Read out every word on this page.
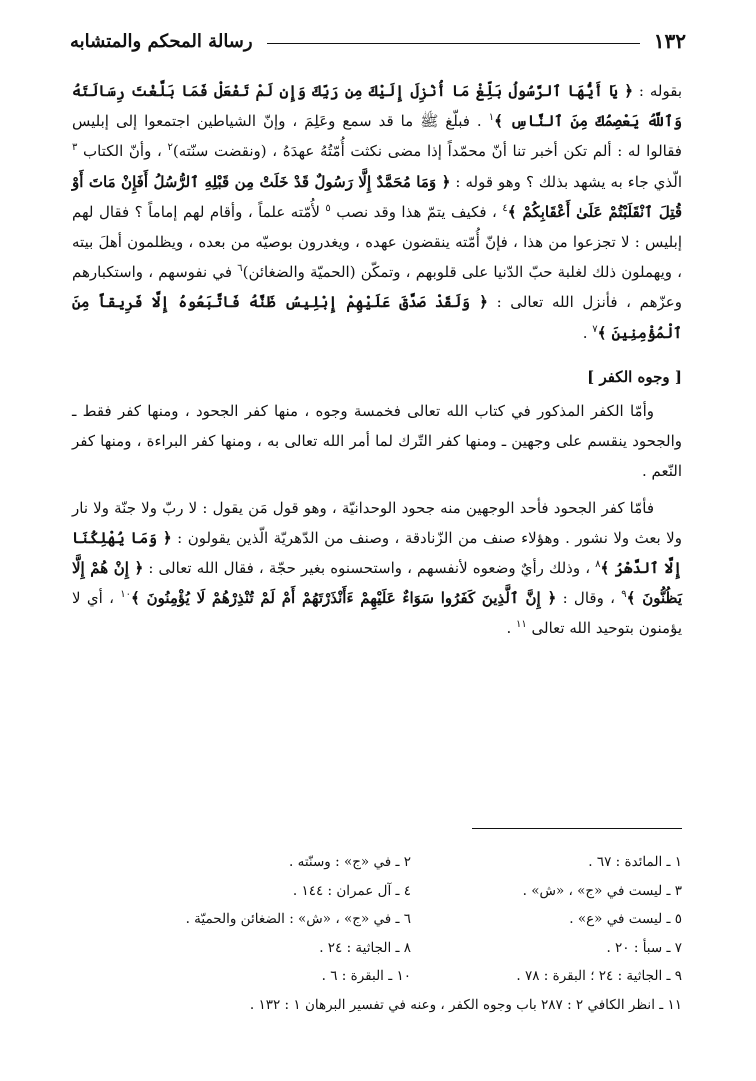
١٣٢
رسالة المحكم والمتشابه

بقوله : ﴿ يَا أَيُّهَا ٱلرَّسُولُ بَلِّغْ مَا أُنْزِلَ إِلَيْكَ مِن رَبِّكَ وَإِن لَمْ تَفْعَلْ فَمَا بَلَّغْتَ رِسَالَتَهُ وَٱللَّهُ يَعْصِمُكَ مِنَ ٱلنَّاسِ ﴾$^١$ . فبلّغ ﷺ ما قد سمع وعَلِمَ ، وإنّ الشياطين اجتمعوا إلى إبليس فقالوا له : ألم تكن أخبر تنا أنّ محمّداً إذا مضى نكثت أُمّتُهُ عهدَهُ ، (ونقضت سنّته)$^٢$ ، وأنّ الكتاب $^٣$ الّذي جاء به يشهد بذلك ؟ وهو قوله : ﴿ وَمَا مُحَمَّدٌ إِلَّا رَسُولٌ قَدْ خَلَتْ مِن قَبْلِهِ ٱلرُّسُلُ أَفَإِنْ مَاتَ أَوْ قُتِلَ ٱنْقَلَبْتُمْ عَلَىٰ أَعْقَابِكُمْ ﴾$^٤$ ، فكيف يتمّ هذا وقد نصب $^٥$ لأُمّته علماً ، وأقام لهم إماماً ؟ فقال لهم إبليس : لا تجزعوا من هذا ، فإنّ أُمّته ينقضون عهده ، ويغدرون بوصيّه من بعده ، ويظلمون أهلَ بيته ، ويهملون ذلك لغلبة حبّ الدّنيا على قلوبهم ، وتمكّن (الحميّة والضغائن)$^٦$ في نفوسهم ، واستكبارهم وعزّهم ، فأنزل الله تعالى : ﴿ وَلَقَدْ صَدَّقَ عَلَيْهِمْ إِبْلِيسُ ظَنَّهُ فَاتَّبَعُوهُ إِلَّا فَرِيقاً مِنَ ٱلْمُؤْمِنِينَ ﴾$^٧$ .

[ وجوه الكفر ]

وأمّا الكفر المذكور في كتاب الله تعالى فخمسة وجوه ، منها كفر الجحود ، ومنها كفر فقط ـ والجحود ينقسم على وجهين ـ ومنها كفر التّرك لما أمر الله تعالى به ، ومنها كفر البراءة ، ومنها كفر النّعم .

فأمّا كفر الجحود فأحد الوجهين منه جحود الوحدانيّة ، وهو قول مَن يقول : لا ربّ ولا جنّة ولا نار ولا بعث ولا نشور . وهؤلاء صنف من الزّنادقة ، وصنف من الدّهريّة الّذين يقولون : ﴿ وَمَا يُهْلِكُنَا إِلَّا ٱلدَّهْرُ ﴾$^٨$ ، وذلك رأيٌ وضعوه لأنفسهم ، واستحسنوه بغير حجّة ، فقال الله تعالى : ﴿ إِنْ هُمْ إِلَّا يَظُنُّونَ ﴾$^٩$ ، وقال : ﴿ إِنَّ ٱلَّذِينَ كَفَرُوا سَوَاءٌ عَلَيْهِمْ ءَأَنْذَرْتَهُمْ أَمْ لَمْ تُنْذِرْهُمْ لَا يُؤْمِنُونَ ﴾$^{١٠}$ ، أي لا يؤمنون بتوحيد الله تعالى $^{١١}$ .

١ ـ المائدة : ٦٧ .
٢ ـ في «ج» : وسنّته .
٣ ـ ليست في «ج» ، «ش» .
٤ ـ آل عمران : ١٤٤ .
٥ ـ ليست في «ع» .
٦ ـ في «ج» ، «ش» : الضغائن والحميّة .
٧ ـ سبأ : ٢٠ .
٨ ـ الجاثية : ٢٤ .
٩ ـ الجاثية : ٢٤ ؛ البقرة : ٧٨ .
١٠ ـ البقرة : ٦ .
١١ ـ انظر الكافي ٢ : ٢٨٧ باب وجوه الكفر ، وعنه في تفسير البرهان ١ : ١٣٢ .
